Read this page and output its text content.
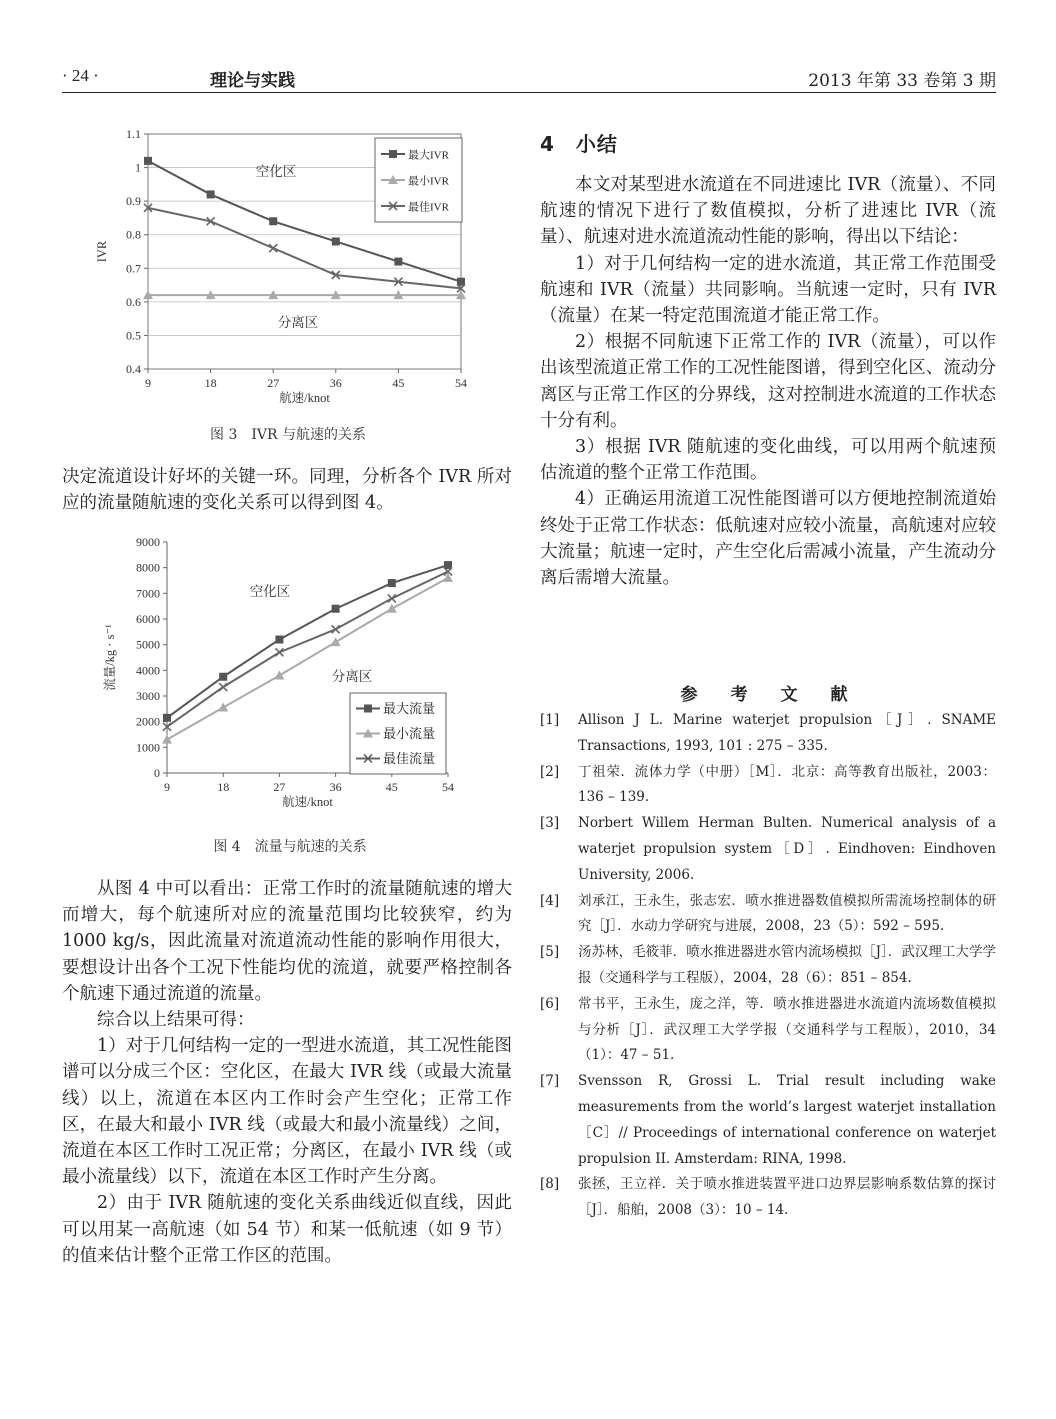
· 24 ·	理论与实践	2013 年第 33 卷第 3 期
0.4
0.5
0.6
0.7
0.8
0.9
1
1.1
9	18	27	36	45	54
航速/knot
IVR
空化区
分离区
最大IVR
最小IVR
最佳IVR
图 3　IVR 与航速的关系

决定流道设计好坏的关键一环。同理，分析各个 IVR 所对应的流量随航速的变化关系可以得到图 4。

0
1000
2000
3000
4000
5000
6000
7000
8000
9000
9	18	27	36	45	54
航速/knot
流量/kg · s⁻¹
空化区
分离区
最大流量
最小流量
最佳流量
图 4　流量与航速的关系

从图 4 中可以看出：正常工作时的流量随航速的增大而增大，每个航速所对应的流量范围均比较狭窄，约为 1000 kg/s，因此流量对流道流动性能的影响作用很大，要想设计出各个工况下性能均优的流道，就要严格控制各个航速下通过流道的流量。

综合以上结果可得：

1）对于几何结构一定的一型进水流道，其工况性能图谱可以分成三个区：空化区，在最大 IVR 线（或最大流量线）以上，流道在本区内工作时会产生空化；正常工作区，在最大和最小 IVR 线（或最大和最小流量线）之间，流道在本区工作时工况正常；分离区，在最小 IVR 线（或最小流量线）以下，流道在本区工作时产生分离。

2）由于 IVR 随航速的变化关系曲线近似直线，因此可以用某一高航速（如 54 节）和某一低航速（如 9 节）的值来估计整个正常工作区的范围。

4　小结

本文对某型进水流道在不同进速比 IVR（流量）、不同航速的情况下进行了数值模拟，分析了进速比 IVR（流量）、航速对进水流道流动性能的影响，得出以下结论：

1）对于几何结构一定的进水流道，其正常工作范围受航速和 IVR（流量）共同影响。当航速一定时，只有 IVR（流量）在某一特定范围流道才能正常工作。

2）根据不同航速下正常工作的 IVR（流量），可以作出该型流道正常工作的工况性能图谱，得到空化区、流动分离区与正常工作区的分界线，这对控制进水流道的工作状态十分有利。

3）根据 IVR 随航速的变化曲线，可以用两个航速预估流道的整个正常工作范围。

4）正确运用流道工况性能图谱可以方便地控制流道始终处于正常工作状态：低航速对应较小流量，高航速对应较大流量；航速一定时，产生空化后需减小流量，产生流动分离后需增大流量。

参　考　文　献
[1] Allison J L. Marine waterjet propulsion［J］. SNAME Transactions, 1993, 101 : 275 – 335.
[2] 丁祖荣．流体力学（中册）［M］．北京：高等教育出版社，2003：136 – 139.
[3] Norbert Willem Herman Bulten. Numerical analysis of a waterjet propulsion system［D］. Eindhoven: Eindhoven University, 2006.
[4] 刘承江，王永生，张志宏．喷水推进器数值模拟所需流场控制体的研究［J］．水动力学研究与进展，2008，23（5）：592 – 595.
[5] 汤苏林，毛筱菲．喷水推进器进水管内流场模拟［J］．武汉理工大学学报（交通科学与工程版），2004，28（6）：851 – 854.
[6] 常书平，王永生，庞之洋，等．喷水推进器进水流道内流场数值模拟与分析［J］．武汉理工大学学报（交通科学与工程版），2010，34（1）：47 – 51.
[7] Svensson R, Grossi L. Trial result including wake measurements from the world’s largest waterjet installation［C］// Proceedings of international conference on waterjet propulsion II. Amsterdam: RINA, 1998.
[8] 张拯，王立祥．关于喷水推进装置平进口边界层影响系数估算的探讨［J］．船舶，2008（3）：10 – 14.
